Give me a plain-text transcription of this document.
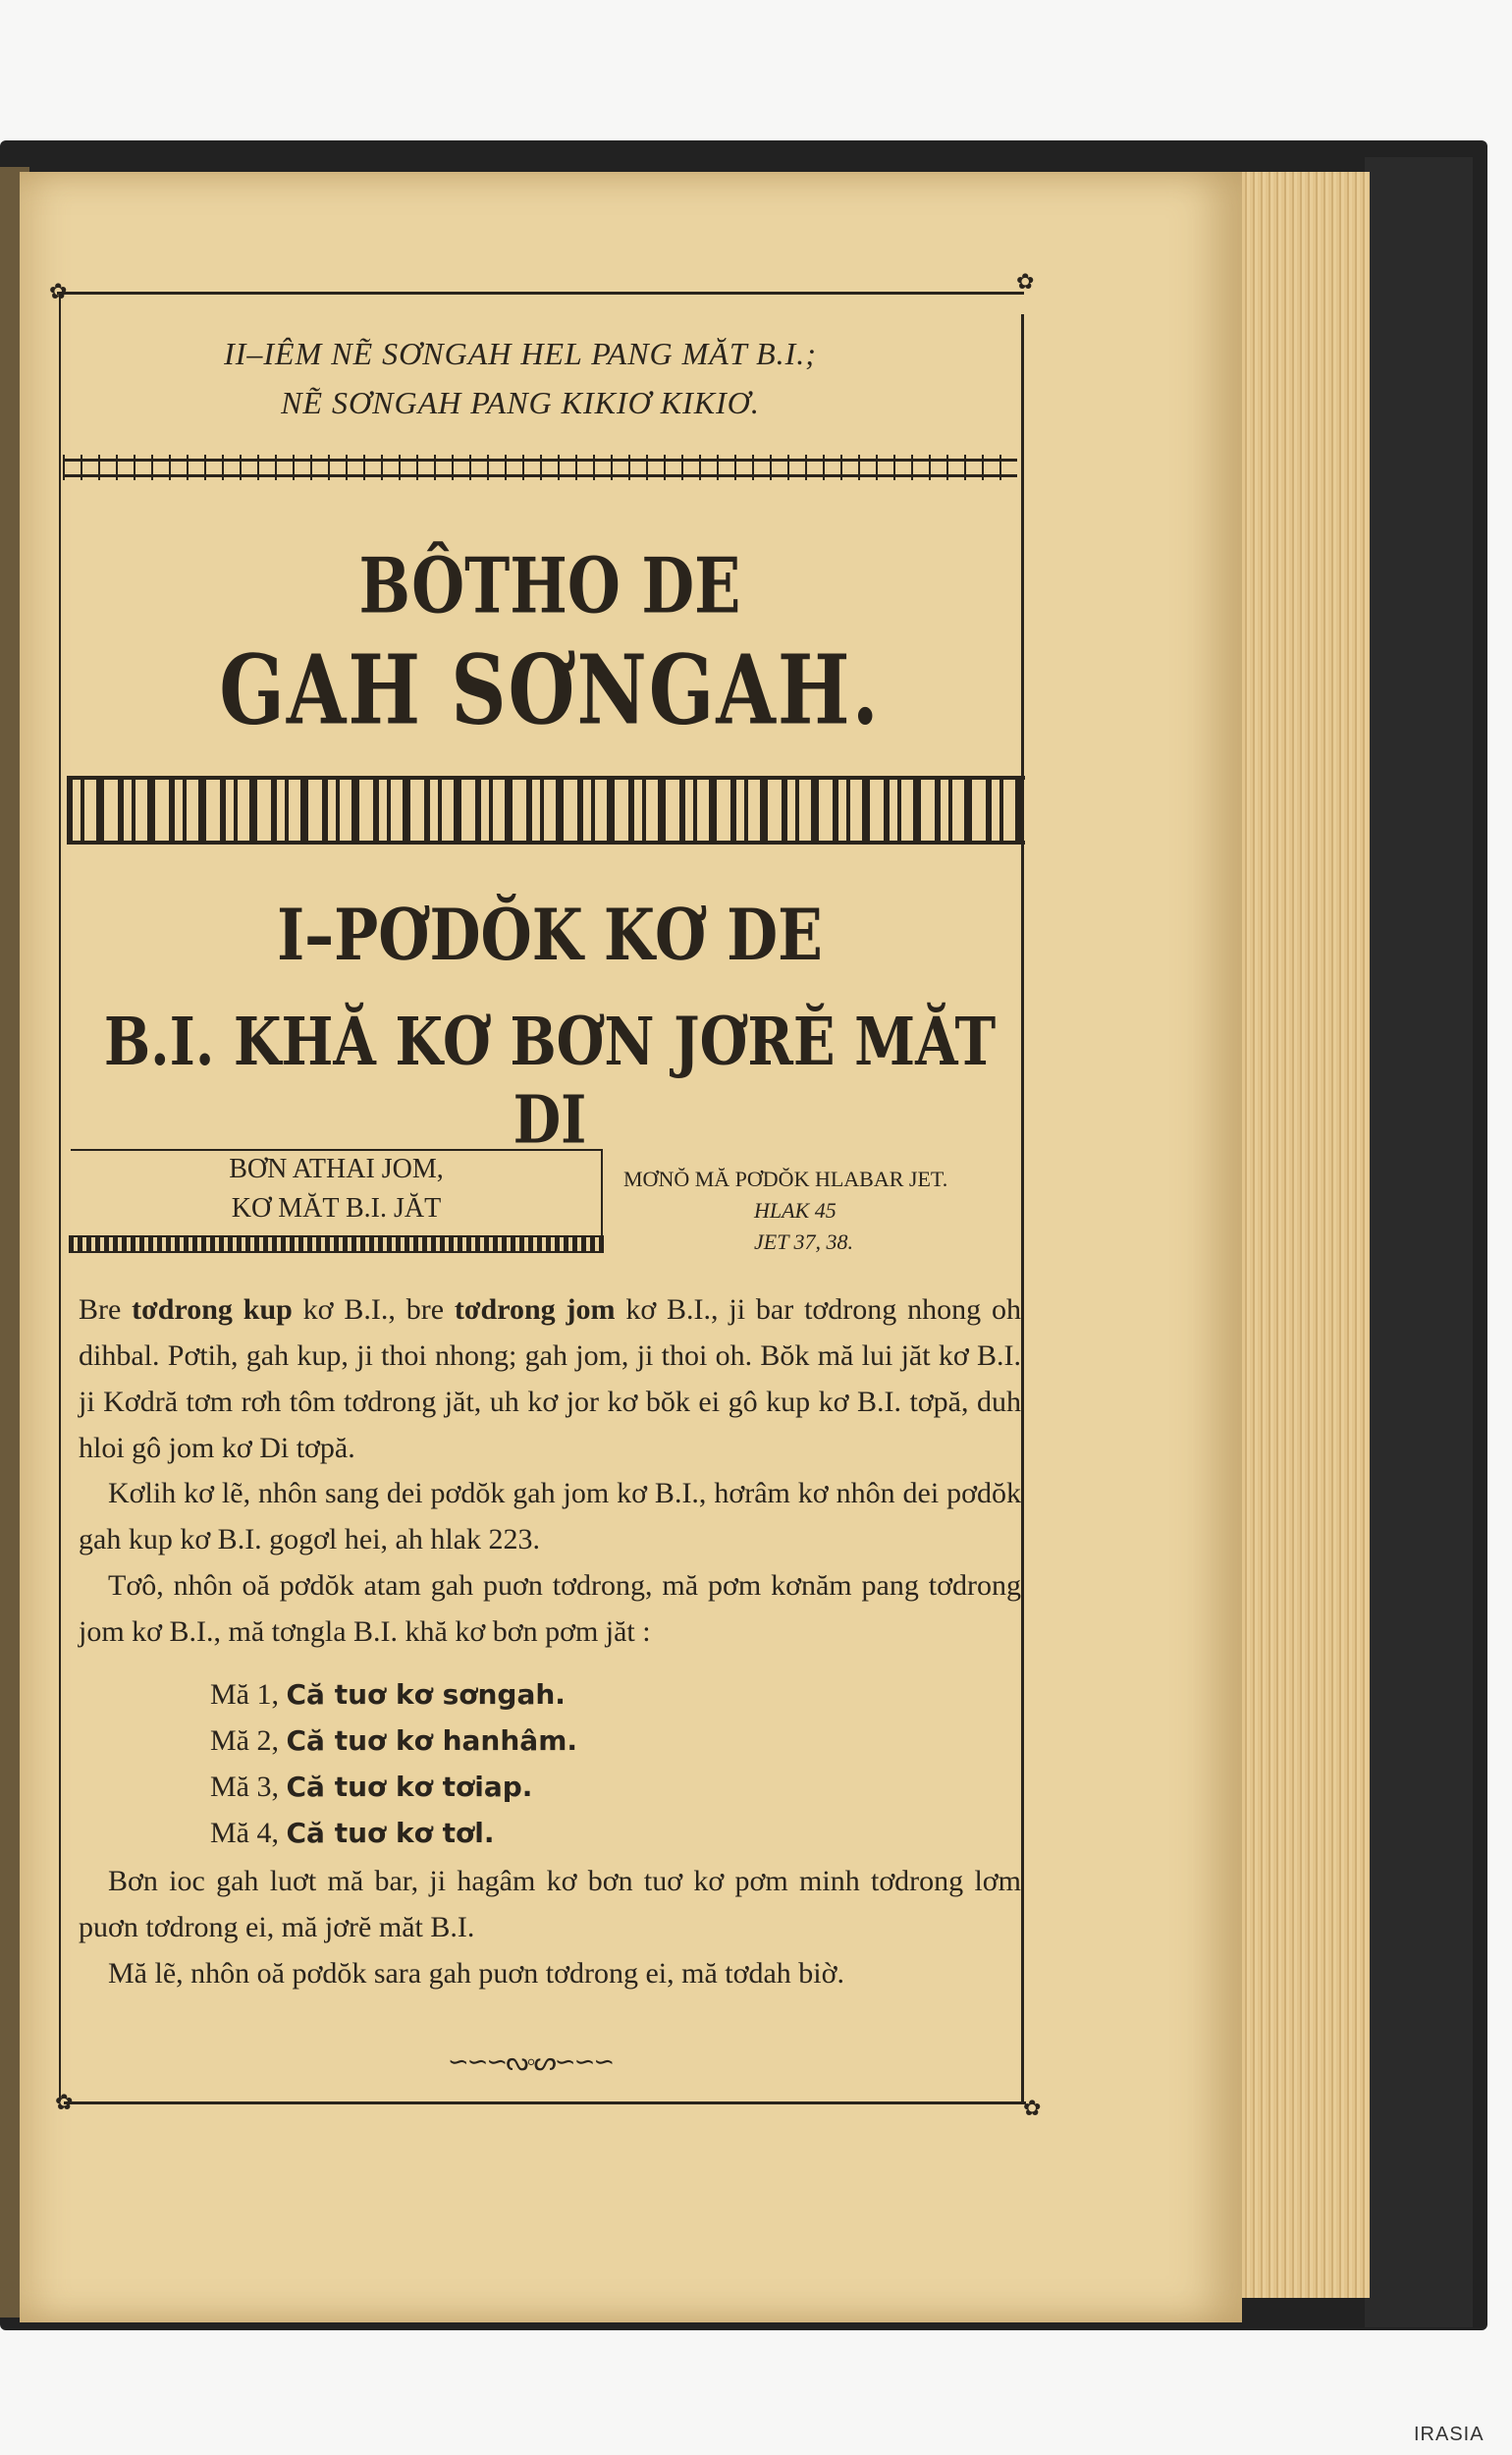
✿	✿
✿	✿
II–IÊM NẼ SƠNGAH HEL PANG MĂT B.I.;
NẼ SƠNGAH PANG KIKIƠ KIKIƠ.
BÔTHO DE
GAH SƠNGAH.
I–PƠDŎK KƠ DE
B.I. KHĂ KƠ BƠN JƠRĔ MĂT DI
BƠN ATHAI JOM,
KƠ MĂT B.I. JĂT
MƠNŎ MĂ PƠDŎK HLABAR JET.
HLAK 45
JET 37, 38.

Bre tơdrong kup kơ B.I., bre tơdrong jom kơ B.I., ji bar tơdrong nhong oh dihbal. Pơtih, gah kup, ji thoi nhong; gah jom, ji thoi oh. Bŏk mă lui jăt kơ B.I. ji Kơdră tơm rơh tôm tơdrong jăt, uh kơ jor kơ bŏk ei gô kup kơ B.I. tơpă, duh hloi gô jom kơ Di tơpă.

Kơlih kơ lẽ, nhôn sang dei pơdŏk gah jom kơ B.I., hơrâm kơ nhôn dei pơdŏk gah kup kơ B.I. gogơl hei, ah hlak 223.

Tơô, nhôn oă pơdŏk atam gah puơn tơdrong, mă pơm kơnăm pang tơdrong jom kơ B.I., mă tơngla B.I. khă kơ bơn pơm jăt :

Mă 1, Că tuơ kơ sơngah.
Mă 2, Că tuơ kơ hanhâm.
Mă 3, Că tuơ kơ tơiap.
Mă 4, Că tuơ kơ tơl.

Bơn ioc gah luơt mă bar, ji hagâm kơ bơn tuơ kơ pơm minh tơdrong lơm puơn tơdrong ei, mă jơrĕ măt B.I.

Mă lẽ, nhôn oă pơdŏk sara gah puơn tơdrong ei, mă tơdah biờ.

∽∽∽ᔓ◦ᔕ∽∽∽
IRASIA
